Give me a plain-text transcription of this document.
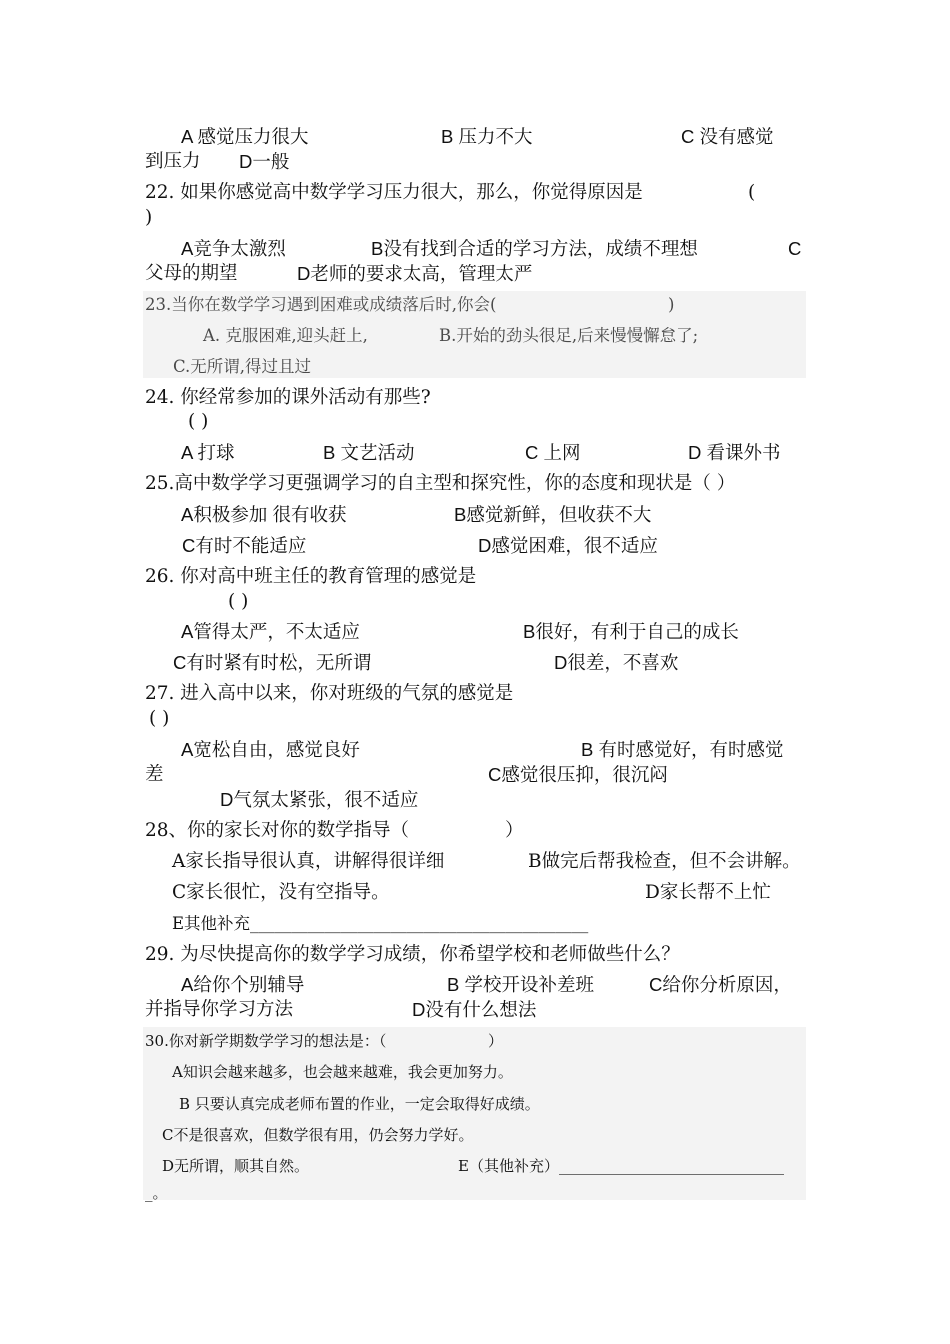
A 感觉压力很大	B 压力不大	C 没有感觉
到压力 D一般
22. 如果你感觉高中数学学习压力很大，那么，你觉得原因是	(
)
A竞争太激烈	B没有找到合适的学习方法，成绩不理想	C
父母的期望	D老师的要求太高，管理太严
23.当你在数学学习遇到困难或成绩落后时,你会(	)
A. 克服困难,迎头赶上,	B.开始的劲头很足,后来慢慢懈怠了;
C.无所谓,得过且过
24. 你经常参加的课外活动有那些?
( )
A 打球	B 文艺活动	C 上网	D 看课外书
25.高中数学学习更强调学习的自主型和探究性，你的态度和现状是（ ）
A积极参加 很有收获	B感觉新鲜，但收获不大
C有时不能适应	D感觉困难，很不适应
26. 你对高中班主任的教育管理的感觉是
( )
A管得太严，不太适应	B很好，有利于自己的成长
C有时紧有时松，无所谓	D很差，不喜欢
27. 进入高中以来，你对班级的气氛的感觉是
( )
A宽松自由，感觉良好	B 有时感觉好，有时感觉
差	C感觉很压抑，很沉闷
D气氛太紧张，很不适应
28、你的家长对你的数学指导（	）
A家长指导很认真，讲解得很详细	B做完后帮我检查，但不会讲解。
C家长很忙，没有空指导。	D家长帮不上忙
E其他补充_________________________________________
29. 为尽快提高你的数学学习成绩，你希望学校和老师做些什么？
A给你个别辅导	B 学校开设补差班	C给你分析原因，
并指导你学习方法	D没有什么想法
30.你对新学期数学学习的想法是：（	）
A知识会越来越多，也会越来越难，我会更加努力。
B 只要认真完成老师布置的作业，一定会取得好成绩。
C不是很喜欢，但数学很有用，仍会努力学好。
D无所谓，顺其自然。	E（其他补充）______________________________
_。
